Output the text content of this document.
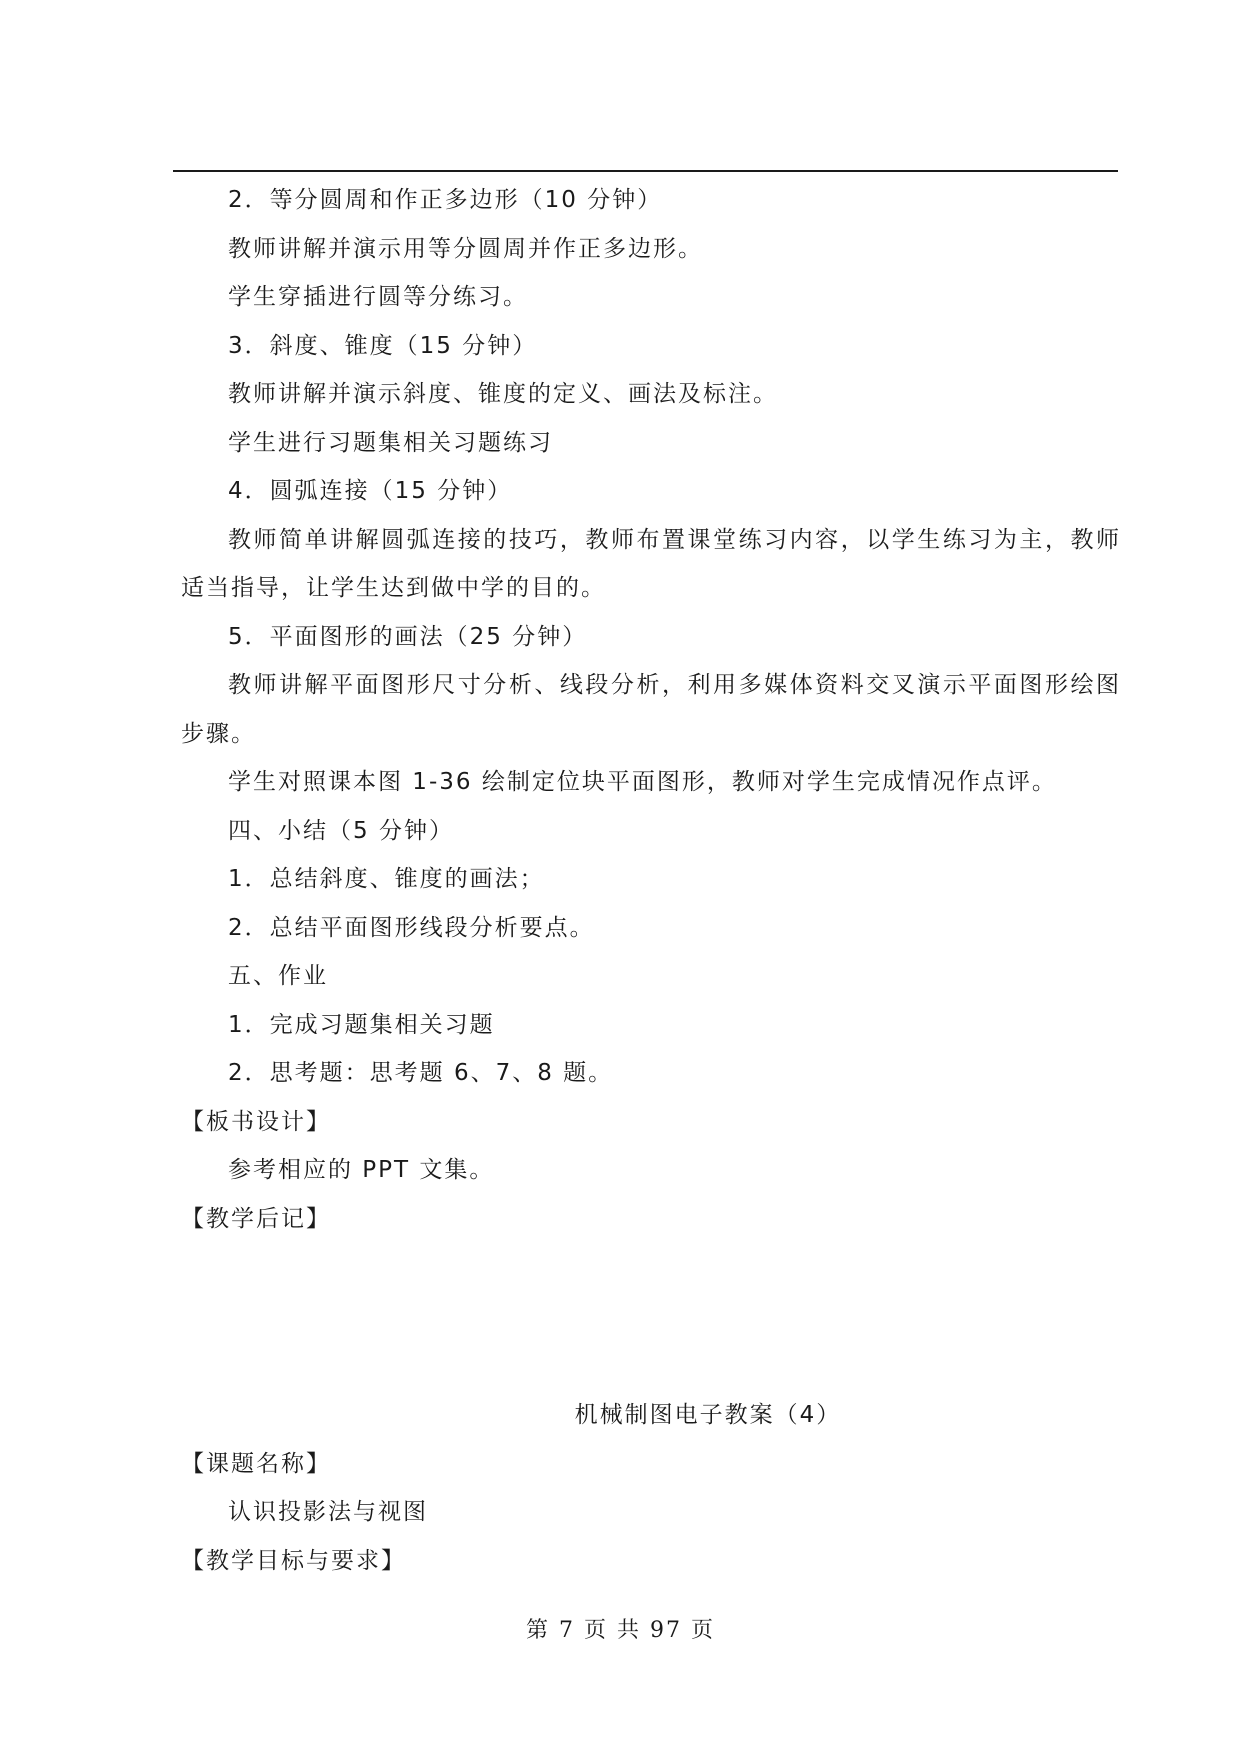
2．等分圆周和作正多边形（10 分钟）
教师讲解并演示用等分圆周并作正多边形。
学生穿插进行圆等分练习。
3．斜度、锥度（15 分钟）
教师讲解并演示斜度、锥度的定义、画法及标注。
学生进行习题集相关习题练习
4．圆弧连接（15 分钟）
教师简单讲解圆弧连接的技巧，教师布置课堂练习内容，以学生练习为主，教师适当指导，让学生达到做中学的目的。
5．平面图形的画法（25 分钟）
教师讲解平面图形尺寸分析、线段分析，利用多媒体资料交叉演示平面图形绘图步骤。
学生对照课本图 1-36 绘制定位块平面图形，教师对学生完成情况作点评。
四、小结（5 分钟）
1．总结斜度、锥度的画法；
2．总结平面图形线段分析要点。
五、作业
1．完成习题集相关习题
2．思考题：思考题 6、7、8 题。
【板书设计】
参考相应的 PPT 文集。
【教学后记】
机械制图电子教案（4）
【课题名称】
认识投影法与视图
【教学目标与要求】
第 7 页 共 97 页
